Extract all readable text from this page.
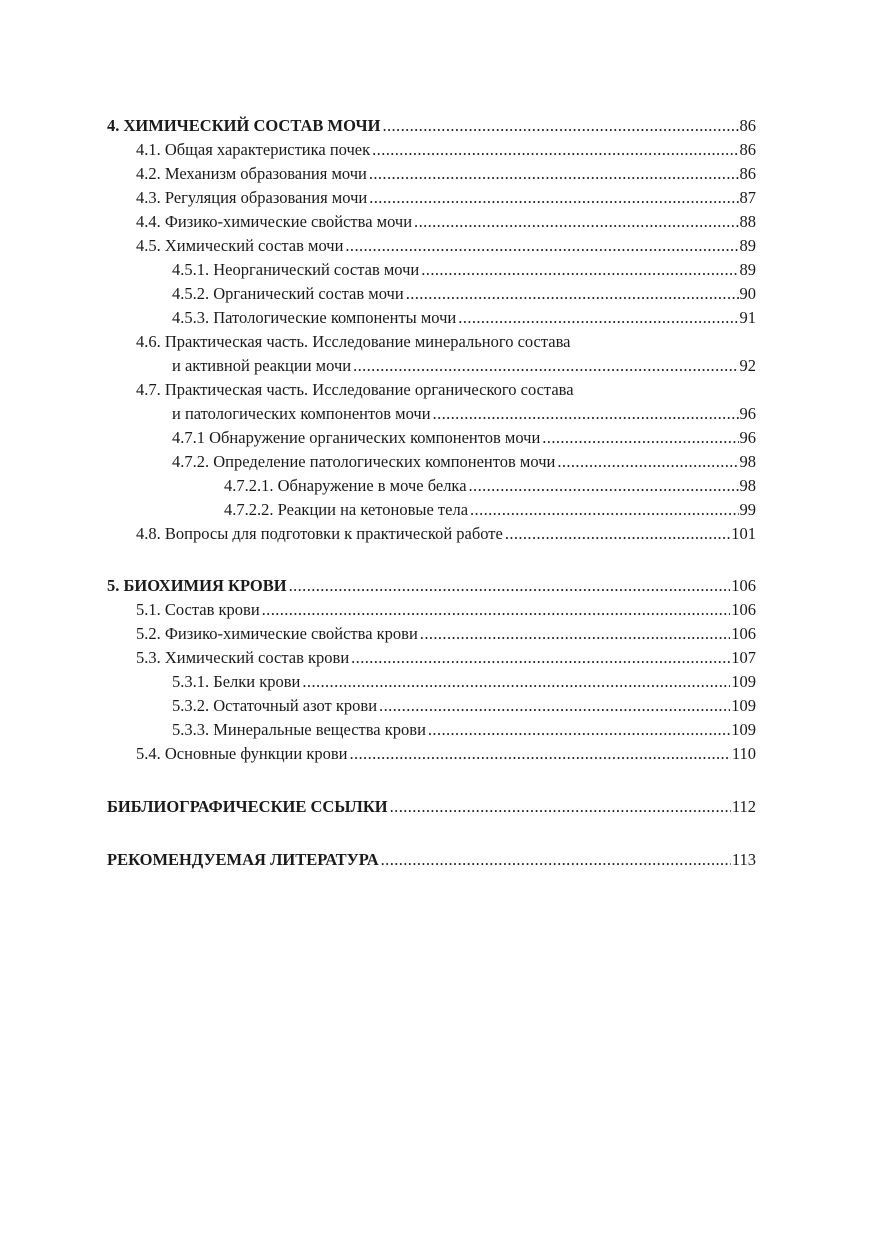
4. ХИМИЧЕСКИЙ СОСТАВ МОЧИ .....	86
4.1. Общая характеристика почек .....	86
4.2. Механизм образования мочи .....	86
4.3. Регуляция образования мочи .....	87
4.4. Физико-химические свойства мочи .....	88
4.5. Химический состав мочи .....	89
4.5.1. Неорганический состав мочи .....	89
4.5.2. Органический состав мочи .....	90
4.5.3. Патологические компоненты мочи .....	91
4.6. Практическая часть. Исследование минерального состава
и активной реакции мочи .....	92
4.7. Практическая часть. Исследование органического состава
и патологических компонентов мочи .....	96
4.7.1 Обнаружение органических компонентов мочи .....	96
4.7.2. Определение патологических компонентов мочи .....	98
4.7.2.1. Обнаружение в моче белка .....	98
4.7.2.2. Реакции на кетоновые тела .....	99
4.8. Вопросы для подготовки к практической работе .....	101
5. БИОХИМИЯ КРОВИ .....	106
5.1. Состав крови .....	106
5.2. Физико-химические свойства крови .....	106
5.3. Химический состав крови .....	107
5.3.1. Белки крови .....	109
5.3.2. Остаточный азот крови .....	109
5.3.3. Минеральные вещества крови .....	109
5.4. Основные функции крови .....	110
БИБЛИОГРАФИЧЕСКИЕ ССЫЛКИ .....	112
РЕКОМЕНДУЕМАЯ ЛИТЕРАТУРА .....	113
